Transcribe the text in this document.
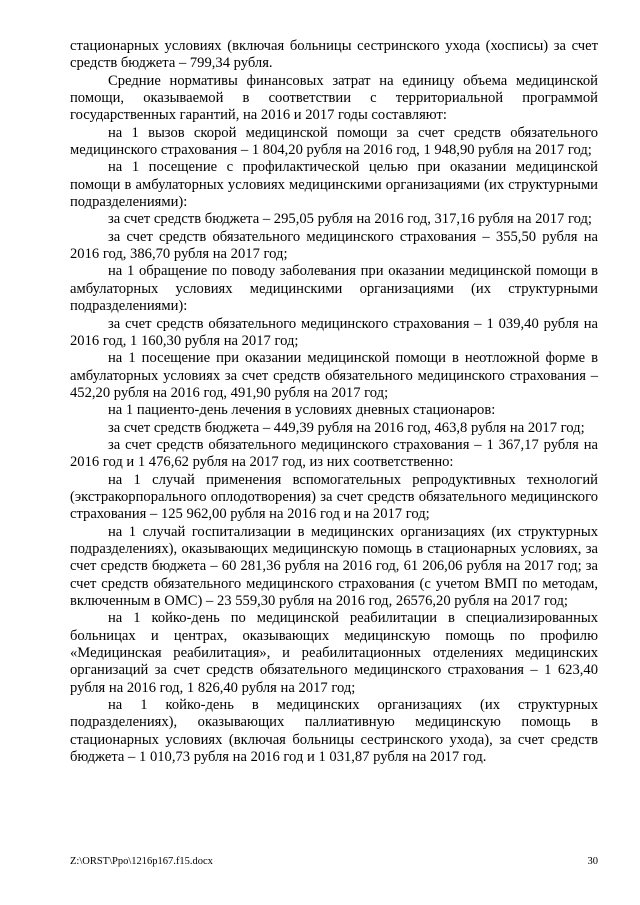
стационарных условиях (включая больницы сестринского ухода (хосписы) за счет средств бюджета – 799,34 рубля.

Средние нормативы финансовых затрат на единицу объема медицинской помощи, оказываемой в соответствии с территориальной программой государственных гарантий, на 2016 и 2017 годы составляют:

на 1 вызов скорой медицинской помощи за счет средств обязательного медицинского страхования – 1 804,20 рубля на 2016 год, 1 948,90 рубля на 2017 год;

на 1 посещение с профилактической целью при оказании медицинской помощи в амбулаторных условиях медицинскими организациями (их структурными подразделениями):

за счет средств бюджета – 295,05 рубля на 2016 год, 317,16 рубля на 2017 год;

за счет средств обязательного медицинского страхования – 355,50 рубля на 2016 год, 386,70 рубля на 2017 год;

на 1 обращение по поводу заболевания при оказании медицинской помощи в амбулаторных условиях медицинскими организациями (их структурными подразделениями):

за счет средств обязательного медицинского страхования – 1 039,40 рубля на 2016 год, 1 160,30 рубля на 2017 год;

на 1 посещение при оказании медицинской помощи в неотложной форме в амбулаторных условиях за счет средств обязательного медицинского страхования – 452,20 рубля на 2016 год, 491,90 рубля на 2017 год;

на 1 пациенто-день лечения в условиях дневных стационаров:

за счет средств бюджета – 449,39 рубля на 2016 год, 463,8 рубля на 2017 год;

за счет средств обязательного медицинского страхования – 1 367,17 рубля на 2016 год и 1 476,62 рубля на 2017 год, из них соответственно:

на 1 случай применения вспомогательных репродуктивных технологий (экстракорпорального оплодотворения) за счет средств обязательного медицинского страхования – 125 962,00 рубля на 2016 год и на 2017 год;

на 1 случай госпитализации в медицинских организациях (их структурных подразделениях), оказывающих медицинскую помощь в стационарных условиях, за счет средств бюджета – 60 281,36 рубля на 2016 год, 61 206,06 рубля на 2017 год; за счет средств обязательного медицинского страхования (с учетом ВМП по методам, включенным в ОМС) – 23 559,30 рубля на 2016 год, 26576,20 рубля на 2017 год;

на 1 койко-день по медицинской реабилитации в специализированных больницах и центрах, оказывающих медицинскую помощь по профилю «Медицинская реабилитация», и реабилитационных отделениях медицинских организаций за счет средств обязательного медицинского страхования – 1 623,40 рубля на 2016 год, 1 826,40 рубля на 2017 год;

на 1 койко-день в медицинских организациях (их структурных подразделениях), оказывающих паллиативную медицинскую помощь в стационарных условиях (включая больницы сестринского ухода), за счет средств бюджета – 1 010,73 рубля на 2016 год и 1 031,87 рубля на 2017 год.

Z:\ORST\Ppo\1216p167.f15.docx	30
